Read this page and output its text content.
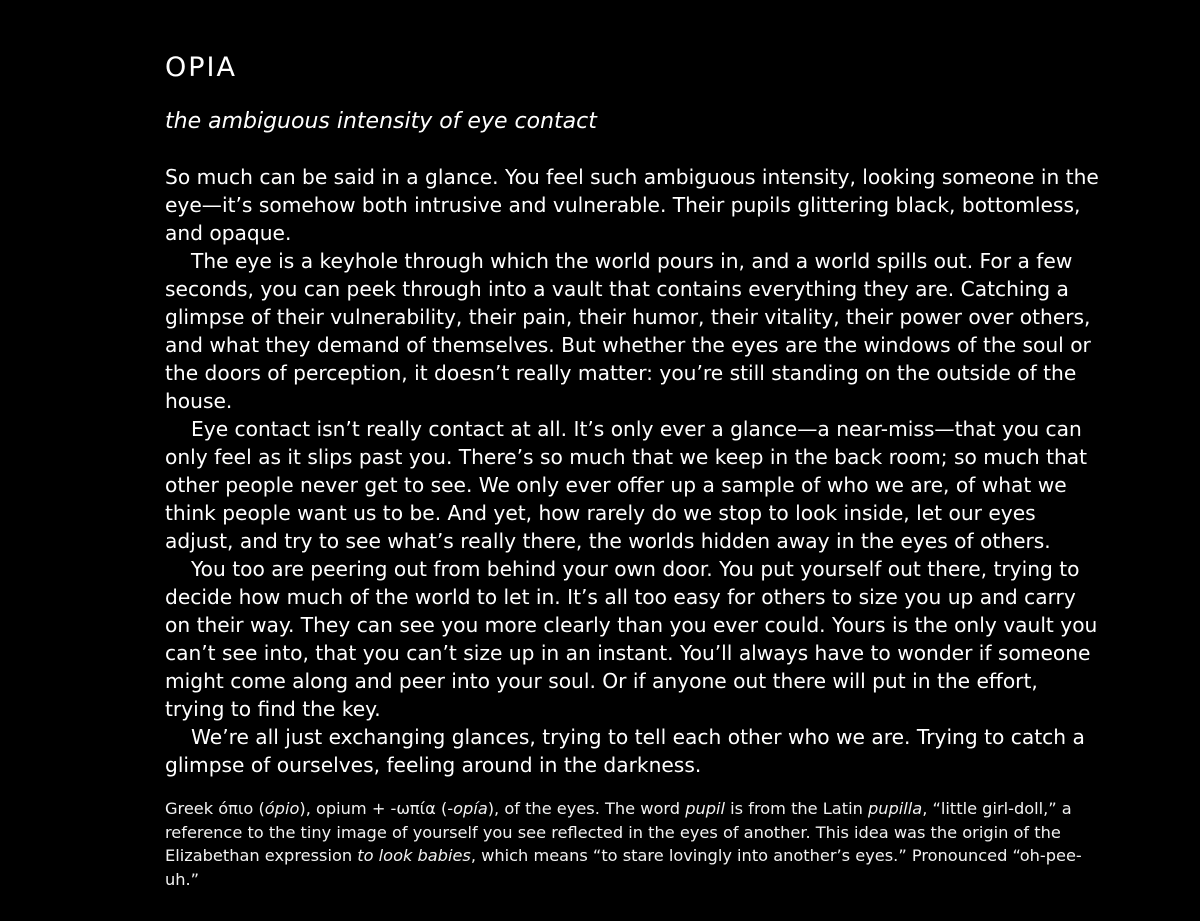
OPIA
the ambiguous intensity of eye contact

So much can be said in a glance. You feel such ambiguous intensity, looking someone in the eye—it’s somehow both intrusive and vulnerable. Their pupils glittering black, bottomless, and opaque.

The eye is a keyhole through which the world pours in, and a world spills out. For a few seconds, you can peek through into a vault that contains everything they are. Catching a glimpse of their vulnerability, their pain, their humor, their vitality, their power over others, and what they demand of themselves. But whether the eyes are the windows of the soul or the doors of perception, it doesn’t really matter: you’re still standing on the outside of the house.

Eye contact isn’t really contact at all. It’s only ever a glance—a near-miss—that you can only feel as it slips past you. There’s so much that we keep in the back room; so much that other people never get to see. We only ever offer up a sample of who we are, of what we think people want us to be. And yet, how rarely do we stop to look inside, let our eyes adjust, and try to see what’s really there, the worlds hidden away in the eyes of others.

You too are peering out from behind your own door. You put yourself out there, trying to decide how much of the world to let in. It’s all too easy for others to size you up and carry on their way. They can see you more clearly than you ever could. Yours is the only vault you can’t see into, that you can’t size up in an instant. You’ll always have to wonder if someone might come along and peer into your soul. Or if anyone out there will put in the effort, trying to find the key.

We’re all just exchanging glances, trying to tell each other who we are. Trying to catch a glimpse of ourselves, feeling around in the darkness.

Greek όπιο (ópio), opium + -ωπία (-opía), of the eyes. The word pupil is from the Latin pupilla, “little girl-doll,” a reference to the tiny image of yourself you see reflected in the eyes of another. This idea was the origin of the Elizabethan expression to look babies, which means “to stare lovingly into another’s eyes.” Pronounced “oh-pee-uh.”
